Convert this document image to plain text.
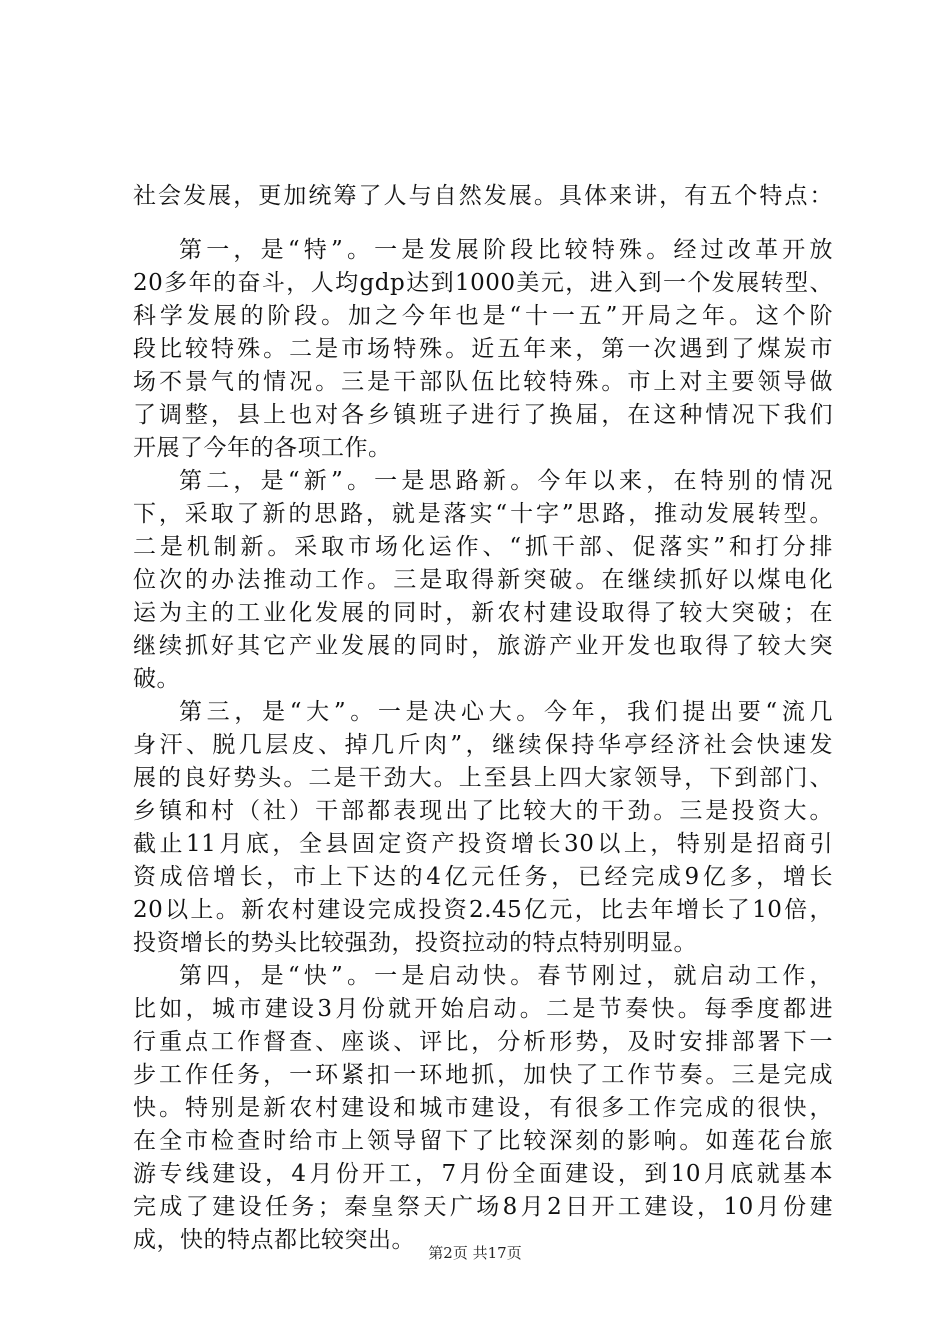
社会发展，更加统筹了人与自然发展。具体来讲，有五个特点：
第一，是“特”。一是发展阶段比较特殊。经过改革开放
20多年的奋斗，人均gdp达到1000美元，进入到一个发展转型、
科学发展的阶段。加之今年也是“十一五”开局之年。这个阶
段比较特殊。二是市场特殊。近五年来，第一次遇到了煤炭市
场不景气的情况。三是干部队伍比较特殊。市上对主要领导做
了调整，县上也对各乡镇班子进行了换届，在这种情况下我们
开展了今年的各项工作。
第二，是“新”。一是思路新。今年以来，在特别的情况
下，采取了新的思路，就是落实“十字”思路，推动发展转型。
二是机制新。采取市场化运作、“抓干部、促落实”和打分排
位次的办法推动工作。三是取得新突破。在继续抓好以煤电化
运为主的工业化发展的同时，新农村建设取得了较大突破；在
继续抓好其它产业发展的同时，旅游产业开发也取得了较大突
破。
第三，是“大”。一是决心大。今年，我们提出要“流几
身汗、脱几层皮、掉几斤肉”，继续保持华亭经济社会快速发
展的良好势头。二是干劲大。上至县上四大家领导，下到部门、
乡镇和村（社）干部都表现出了比较大的干劲。三是投资大。
截止11月底，全县固定资产投资增长30以上，特别是招商引
资成倍增长，市上下达的4亿元任务，已经完成9亿多，增长
20以上。新农村建设完成投资2.45亿元，比去年增长了10倍，
投资增长的势头比较强劲，投资拉动的特点特别明显。
第四，是“快”。一是启动快。春节刚过，就启动工作，
比如，城市建设3月份就开始启动。二是节奏快。每季度都进
行重点工作督查、座谈、评比，分析形势，及时安排部署下一
步工作任务，一环紧扣一环地抓，加快了工作节奏。三是完成
快。特别是新农村建设和城市建设，有很多工作完成的很快，
在全市检查时给市上领导留下了比较深刻的影响。如莲花台旅
游专线建设，4月份开工，7月份全面建设，到10月底就基本
完成了建设任务；秦皇祭天广场8月2日开工建设，10月份建
成，快的特点都比较突出。 第2页 共17页
